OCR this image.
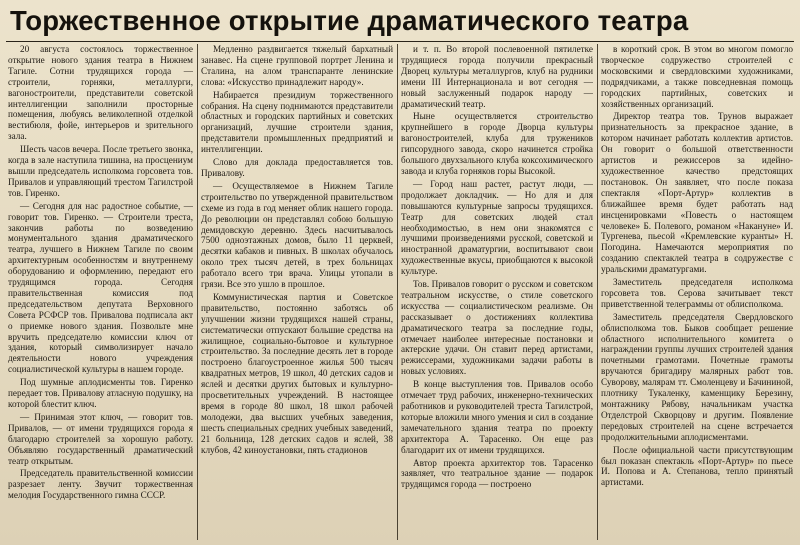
Торжественное открытие драматического театра

20 августа состоялось торжественное открытие нового здания театра в Нижнем Тагиле. Сотни трудящихся города — строители, горняки, металлурги, вагоностроители, представители советской интеллигенции заполнили просторные помещения, любуясь великолепной отделкой вестибюля, фойе, интерьеров и зрительного зала.

Шесть часов вечера. После третьего звонка, когда в зале наступила тишина, на просцениум вышли председатель исполкома горсовета тов. Привалов и управляющий трестом Тагилстрой тов. Гиренко.

— Сегодня для нас радостное событие, — говорит тов. Гиренко. — Строители треста, закончив работы по возведению монументального здания драматического театра, лучшего в Нижнем Тагиле по своим архитектурным особенностям и внутреннему оборудованию и оформлению, передают его трудящимся города. Сегодня правительственная комиссия под председательством депутата Верховного Совета РСФСР тов. Привалова подписала акт о приемке нового здания. Позвольте мне вручить председателю комиссии ключ от здания, который символизирует начало деятельности нового учреждения социалистической культуры в нашем городе.

Под шумные аплодисменты тов. Гиренко передает тов. Привалову атласную подушку, на которой блестит ключ.

— Принимая этот ключ, — говорит тов. Привалов, — от имени трудящихся города я благодарю строителей за хорошую работу. Объявляю государственный драматический театр открытым.

Председатель правительственной комиссии разрезает ленту. Звучит торжественная мелодия Государственного гимна СССР.

Медленно раздвигается тяжелый бархатный занавес. На сцене групповой портрет Ленина и Сталина, на алом транспаранте ленинские слова: «Искусство принадлежит народу».

Набирается президиум торжественного собрания. На сцену поднимаются представители областных и городских партийных и советских организаций, лучшие строители здания, представители промышленных предприятий и интеллигенции.

Слово для доклада предоставляется тов. Привалову.

— Осуществляемое в Нижнем Тагиле строительство по утвержденной правительством схеме из года в год меняет облик нашего города. До революции он представлял собою большую демидовскую деревню. Здесь насчитывалось 7500 одноэтажных домов, было 11 церквей, десятки кабаков и пивных. В школах обучалось около трех тысяч детей, в трех больницах работало всего три врача. Улицы утопали в грязи. Все это ушло в прошлое.

Коммунистическая партия и Советское правительство, постоянно заботясь об улучшении жизни трудящихся нашей страны, систематически отпускают большие средства на жилищное, социально-бытовое и культурное строительство. За последние десять лет в городе построено благоустроенное жилья 500 тысяч квадратных метров, 19 школ, 40 детских садов и яслей и десятки других бытовых и культурно-просветительных учреждений. В настоящее время в городе 80 школ, 18 школ рабочей молодежи, два высших учебных заведения, шесть специальных средних учебных заведений, 21 больница, 128 детских садов и яслей, 38 клубов, 42 киноустановки, пять стадионов

и т. п. Во второй послевоенной пятилетке трудящиеся города получили прекрасный Дворец культуры металлургов, клуб на рудники имени III Интернационала и вот сегодня — новый заслуженный подарок народу — драматический театр.

Ныне осуществляется строительство крупнейшего в городе Дворца культуры вагоностроителей, клуба для тружеников гипсорудного завода, скоро начинется стройка большого двухзального клуба коксохимического завода и клуба горняков горы Высокой.

— Город наш растет, растут люди, — продолжает докладчик. — Но для и для повышаются культурные запросы трудящихся. Театр для советских людей стал необходимостью, в нем они знакомятся с лучшими произведениями русской, советской и иностранной драматургии, воспитывают свои художественные вкусы, приобщаются к высокой культуре.

Тов. Привалов говорит о русском и советском театральном искусстве, о стиле советского искусства — социалистическом реализме. Он рассказывает о достижениях коллектива драматического театра за последние годы, отмечает наиболее интересные постановки и актерские удачи. Он ставит перед артистами, режиссерами, художниками задачи работы в новых условиях.

В конце выступления тов. Привалов особо отмечает труд рабочих, инженерно-технических работников и руководителей треста Тагилстрой, которые вложили много умения и сил в создание замечательного здания театра по проекту архитектора А. Тарасенко. Он еще раз благодарит их от имени трудящихся.

Автор проекта архитектор тов. Тарасенко заявляет, что театральное здание — подарок трудящимся города — построено

в короткий срок. В этом во многом помогло творческое содружество строителей с московскими и свердловскими художниками, подрядчиками, а также повседневная помощь городских партийных, советских и хозяйственных организаций.

Директор театра тов. Трунов выражает признательность за прекрасное здание, в котором начинает работать коллектив артистов. Он говорит о большой ответственности артистов и режиссеров за идейно-художественное качество предстоящих постановок. Он заявляет, что после показа спектакля «Порт-Артур» коллектив в ближайшее время будет работать над инсценировками «Повесть о настоящем человеке» Б. Полевого, романом «Накануне» И. Тургенева, пьесой «Кремлевские куранты» Н. Погодина. Намечаются мероприятия по созданию спектаклей театра в содружестве с уральскими драматургами.

Заместитель председателя исполкома горсовета тов. Серова зачитывает текст приветственной телеграммы от облисполкома.

Заместитель председателя Свердловского облисполкома тов. Быков сообщает решение областного исполнительного комитета о награждении группы лучших строителей здания почетными грамотами. Почетные грамоты вручаются бригадиру малярных работ тов. Суворову, малярам тт. Смоленцеву и Бачининой, плотнику Тукаленку, каменщику Березину, монтажнику Рябову, начальникам участка Отделстрой Скворцову и другим. Появление передовых строителей на сцене встречается продолжительными аплодисментами.

После официальной части присутствующим был показан спектакль «Порт-Артур» по пьесе И. Попова и А. Степанова, тепло принятый артистами.
